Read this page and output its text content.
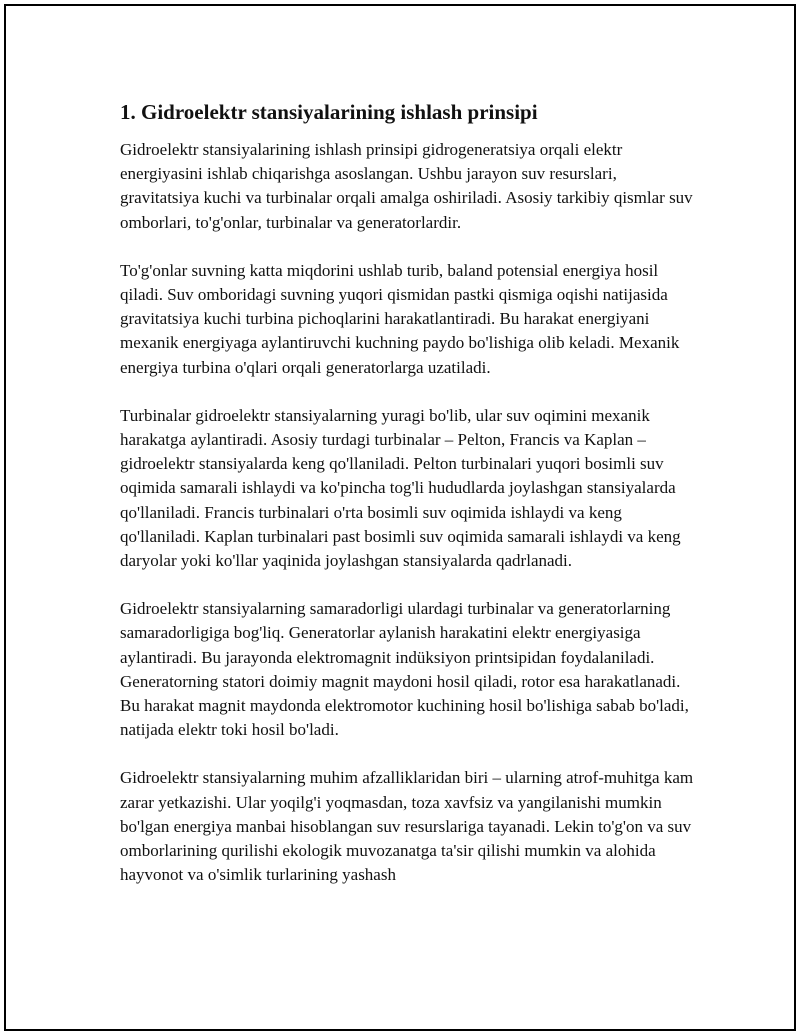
1. Gidroelektr stansiyalarining ishlash prinsipi

Gidroelektr stansiyalarining ishlash prinsipi gidrogeneratsiya orqali elektr energiyasini ishlab chiqarishga asoslangan. Ushbu jarayon suv resurslari, gravitatsiya kuchi va turbinalar orqali amalga oshiriladi. Asosiy tarkibiy qismlar suv omborlari, to'g'onlar, turbinalar va generatorlardir.

To'g'onlar suvning katta miqdorini ushlab turib, baland potensial energiya hosil qiladi. Suv omboridagi suvning yuqori qismidan pastki qismiga oqishi natijasida gravitatsiya kuchi turbina pichoqlarini harakatlantiradi. Bu harakat energiyani mexanik energiyaga aylantiruvchi kuchning paydo bo'lishiga olib keladi. Mexanik energiya turbina o'qlari orqali generatorlarga uzatiladi.

Turbinalar gidroelektr stansiyalarning yuragi bo'lib, ular suv oqimini mexanik harakatga aylantiradi. Asosiy turdagi turbinalar – Pelton, Francis va Kaplan – gidroelektr stansiyalarda keng qo'llaniladi. Pelton turbinalari yuqori bosimli suv oqimida samarali ishlaydi va ko'pincha tog'li hududlarda joylashgan stansiyalarda qo'llaniladi. Francis turbinalari o'rta bosimli suv oqimida ishlaydi va keng qo'llaniladi. Kaplan turbinalari past bosimli suv oqimida samarali ishlaydi va keng daryolar yoki ko'llar yaqinida joylashgan stansiyalarda qadrlanadi.

Gidroelektr stansiyalarning samaradorligi ulardagi turbinalar va generatorlarning samaradorligiga bog'liq. Generatorlar aylanish harakatini elektr energiyasiga aylantiradi. Bu jarayonda elektromagnit indüksiyon printsipidan foydalaniladi. Generatorning statori doimiy magnit maydoni hosil qiladi, rotor esa harakatlanadi. Bu harakat magnit maydonda elektromotor kuchining hosil bo'lishiga sabab bo'ladi, natijada elektr toki hosil bo'ladi.

Gidroelektr stansiyalarning muhim afzalliklaridan biri – ularning atrof-muhitga kam zarar yetkazishi. Ular yoqilg'i yoqmasdan, toza xavfsiz va yangilanishi mumkin bo'lgan energiya manbai hisoblangan suv resurslariga tayanadi. Lekin to'g'on va suv omborlarining qurilishi ekologik muvozanatga ta'sir qilishi mumkin va alohida hayvonot va o'simlik turlarining yashash
